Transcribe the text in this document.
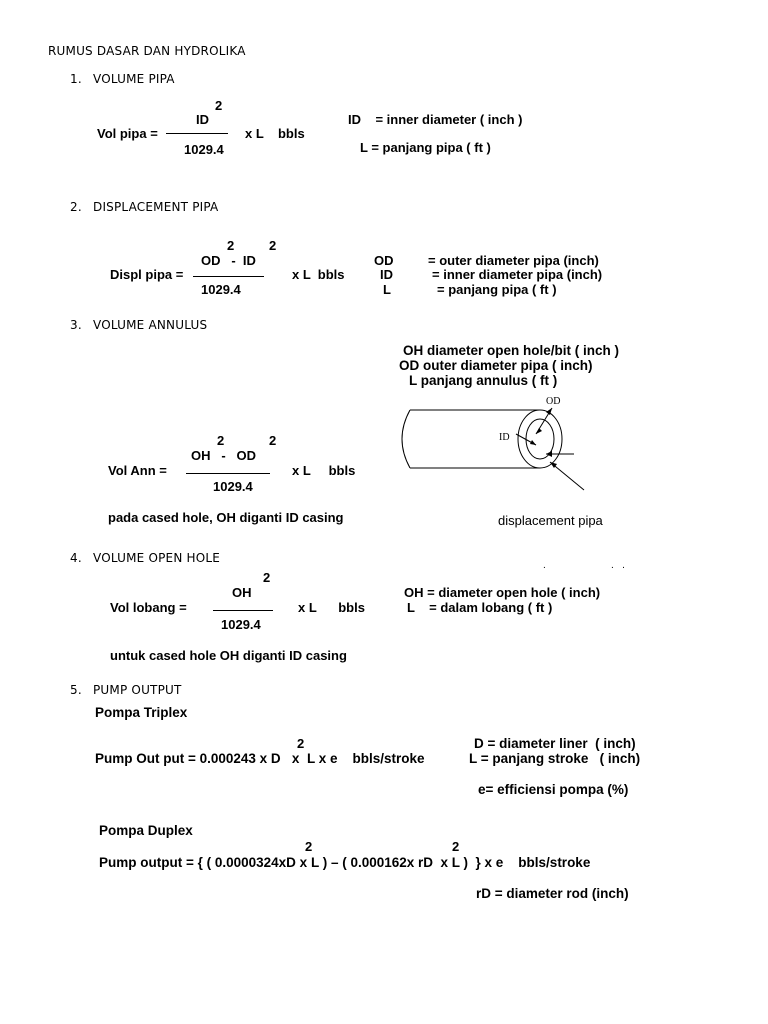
RUMUS DASAR DAN HYDROLIKA
1. VOLUME PIPA
2
ID
Vol pipa =
1029.4
x L    bbls
ID    = inner diameter ( inch )
L = panjang pipa ( ft )
2. DISPLACEMENT PIPA
2	2
OD   -  ID
Displ pipa =
1029.4
x L  bbls
OD
ID
L
= outer diameter pipa (inch)
= inner diameter pipa (inch)
= panjang pipa ( ft )
3. VOLUME ANNULUS
OH diameter open hole/bit ( inch )
OD outer diameter pipa ( inch)
L panjang annulus ( ft )
2	2
OH   -   OD
Vol Ann =
1029.4
x L     bbls
pada cased hole, OH diganti ID casing
OD
ID
displacement pipa
4. VOLUME OPEN HOLE
.	.   .
2
OH
Vol lobang =
1029.4
x L      bbls
OH = diameter open hole ( inch)
L    = dalam lobang ( ft )
untuk cased hole OH diganti ID casing
5. PUMP OUTPUT
Pompa Triplex
2
Pump Out put = 0.000243 x D   x  L x e    bbls/stroke
D = diameter liner  ( inch)
L = panjang stroke   ( inch)
e= efficiensi pompa (%)
Pompa Duplex
2	2
Pump output = { ( 0.0000324xD x L ) – ( 0.000162x rD  x L )  } x e    bbls/stroke
rD = diameter rod (inch)
